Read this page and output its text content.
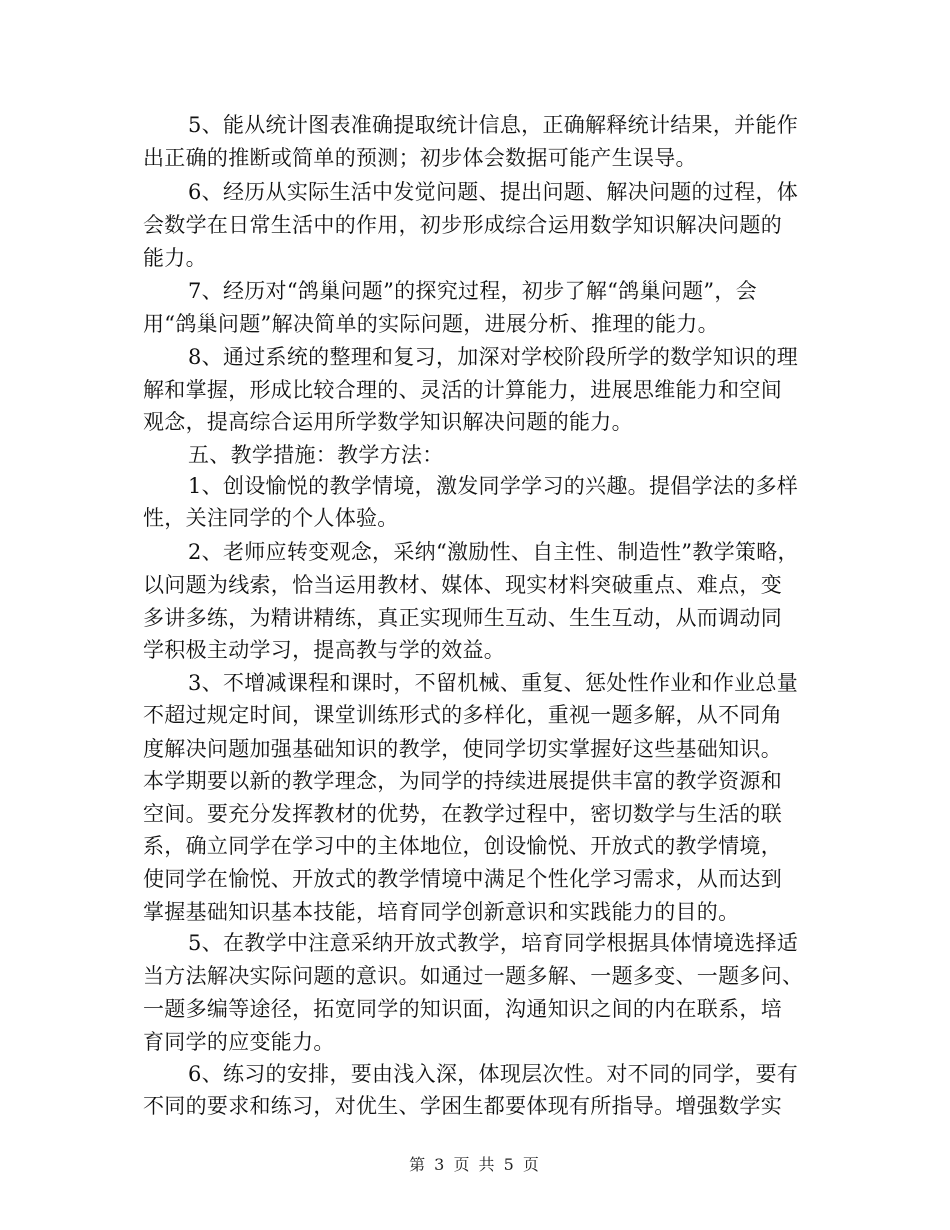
5、能从统计图表准确提取统计信息，正确解释统计结果，并能作
出正确的推断或简单的预测；初步体会数据可能产生误导。
6、经历从实际生活中发觉问题、提出问题、解决问题的过程，体
会数学在日常生活中的作用，初步形成综合运用数学知识解决问题的
能力。
7、经历对“鸽巢问题”的探究过程，初步了解“鸽巢问题”，会
用“鸽巢问题”解决简单的实际问题，进展分析、推理的能力。
8、通过系统的整理和复习，加深对学校阶段所学的数学知识的理
解和掌握，形成比较合理的、灵活的计算能力，进展思维能力和空间
观念，提高综合运用所学数学知识解决问题的能力。
五、教学措施：教学方法：
1、创设愉悦的教学情境，激发同学学习的兴趣。提倡学法的多样
性，关注同学的个人体验。
2、老师应转变观念，采纳“激励性、自主性、制造性”教学策略，
以问题为线索，恰当运用教材、媒体、现实材料突破重点、难点，变
多讲多练，为精讲精练，真正实现师生互动、生生互动，从而调动同
学积极主动学习，提高教与学的效益。
3、不增减课程和课时，不留机械、重复、惩处性作业和作业总量
不超过规定时间，课堂训练形式的多样化，重视一题多解，从不同角
度解决问题加强基础知识的教学，使同学切实掌握好这些基础知识。
本学期要以新的教学理念，为同学的持续进展提供丰富的教学资源和
空间。要充分发挥教材的优势，在教学过程中，密切数学与生活的联
系，确立同学在学习中的主体地位，创设愉悦、开放式的教学情境，
使同学在愉悦、开放式的教学情境中满足个性化学习需求，从而达到
掌握基础知识基本技能，培育同学创新意识和实践能力的目的。
5、在教学中注意采纳开放式教学，培育同学根据具体情境选择适
当方法解决实际问题的意识。如通过一题多解、一题多变、一题多问、
一题多编等途径，拓宽同学的知识面，沟通知识之间的内在联系，培
育同学的应变能力。
6、练习的安排，要由浅入深，体现层次性。对不同的同学，要有
不同的要求和练习，对优生、学困生都要体现有所指导。增强数学实
第 3 页 共 5 页
